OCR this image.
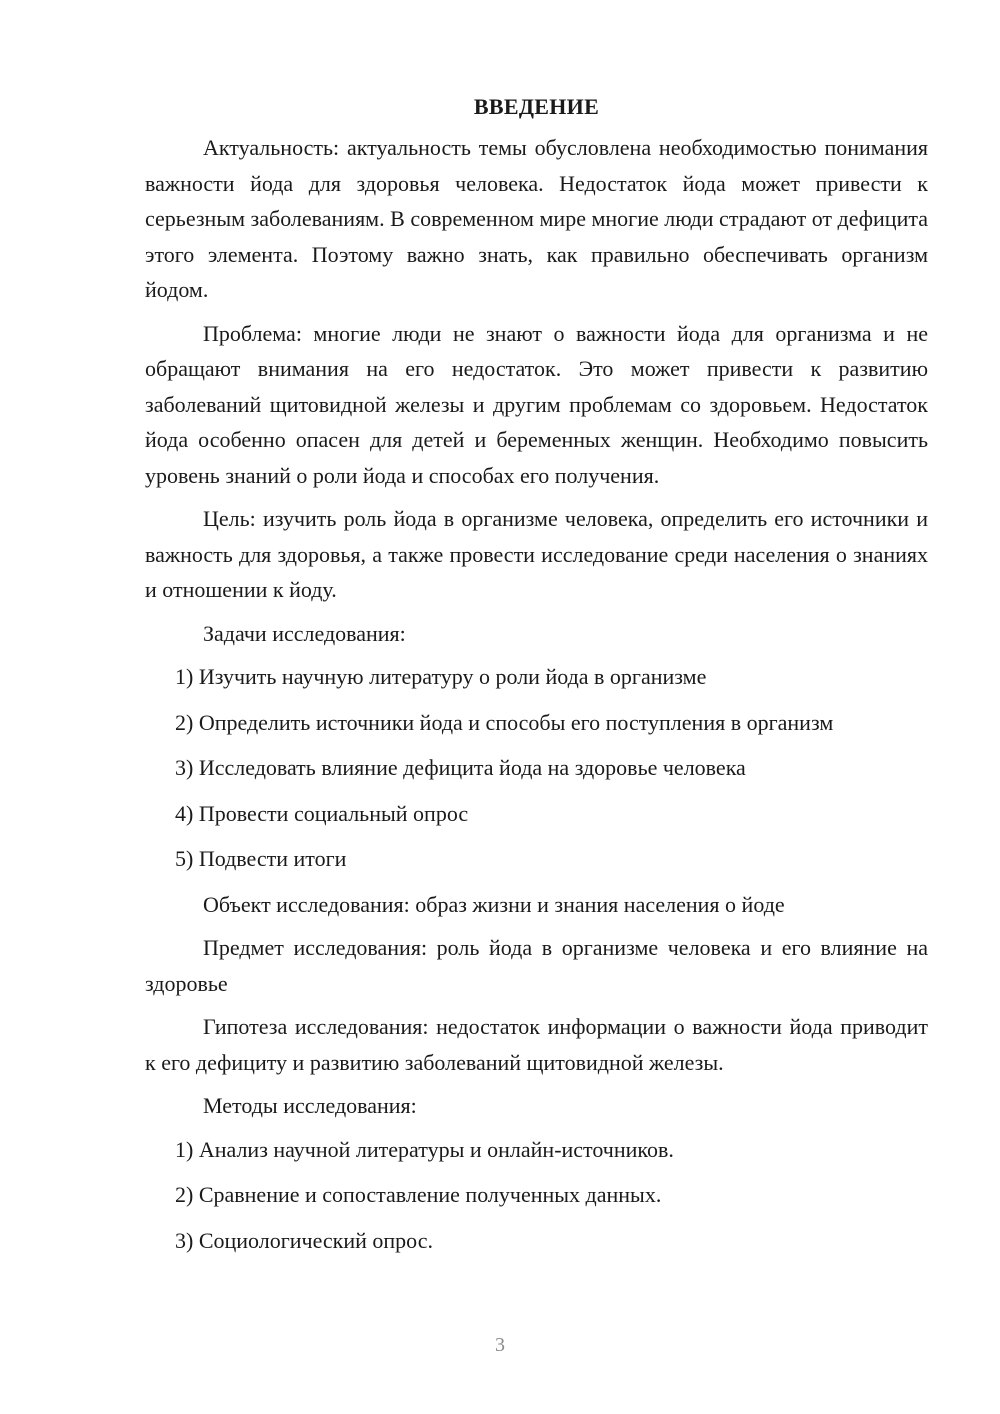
ВВЕДЕНИЕ

Актуальность: актуальность темы обусловлена необходимостью понимания важности йода для здоровья человека. Недостаток йода может привести к серьезным заболеваниям. В современном мире многие люди страдают от дефицита этого элемента. Поэтому важно знать, как правильно обеспечивать организм йодом.

Проблема: многие люди не знают о важности йода для организма и не обращают внимания на его недостаток. Это может привести к развитию заболеваний щитовидной железы и другим проблемам со здоровьем. Недостаток йода особенно опасен для детей и беременных женщин. Необходимо повысить уровень знаний о роли йода и способах его получения.

Цель: изучить роль йода в организме человека, определить его источники и важность для здоровья, а также провести исследование среди населения о знаниях и отношении к йоду.

Задачи исследования:

1) Изучить научную литературу о роли йода в организме
2) Определить источники йода и способы его поступления в организм
3) Исследовать влияние дефицита йода на здоровье человека
4) Провести социальный опрос
5) Подвести итоги

Объект исследования: образ жизни и знания населения о йоде

Предмет исследования: роль йода в организме человека и его влияние на здоровье

Гипотеза исследования: недостаток информации о важности йода приводит к его дефициту и развитию заболеваний щитовидной железы.

Методы исследования:

1) Анализ научной литературы и онлайн-источников.
2) Сравнение и сопоставление полученных данных.
3) Социологический опрос.
3
